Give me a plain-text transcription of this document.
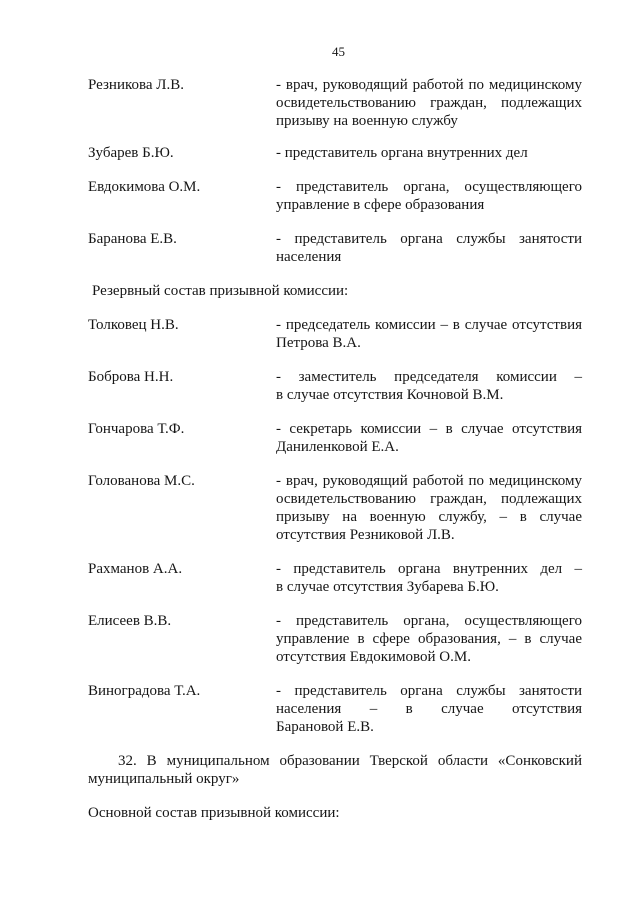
45
Резникова Л.В.	- врач, руководящий работой по медицинскому
освидетельствованию граждан, подлежащих
призыву на военную службу
Зубарев Б.Ю.	- представитель органа внутренних дел
Евдокимова О.М.	- представитель органа, осуществляющего
управление в сфере образования
Баранова Е.В.	- представитель органа службы занятости
населения
Резервный состав призывной комиссии:
Толковец Н.В.	- председатель комиссии – в случае отсутствия
Петрова В.А.
Боброва Н.Н.	- заместитель председателя комиссии –
в случае отсутствия Кочновой В.М.
Гончарова Т.Ф.	- секретарь комиссии – в случае отсутствия
Даниленковой Е.А.
Голованова М.С.	- врач, руководящий работой по медицинскому
освидетельствованию граждан, подлежащих
призыву на военную службу, – в случае
отсутствия Резниковой Л.В.
Рахманов А.А.	- представитель органа внутренних дел –
в случае отсутствия Зубарева Б.Ю.
Елисеев В.В.	- представитель органа, осуществляющего
управление в сфере образования, – в случае
отсутствия Евдокимовой О.М.
Виноградова Т.А.	- представитель органа службы занятости
населения – в случае отсутствия
Барановой Е.В.
32. В муниципальном образовании Тверской области «Сонковский
муниципальный округ»
Основной состав призывной комиссии:
